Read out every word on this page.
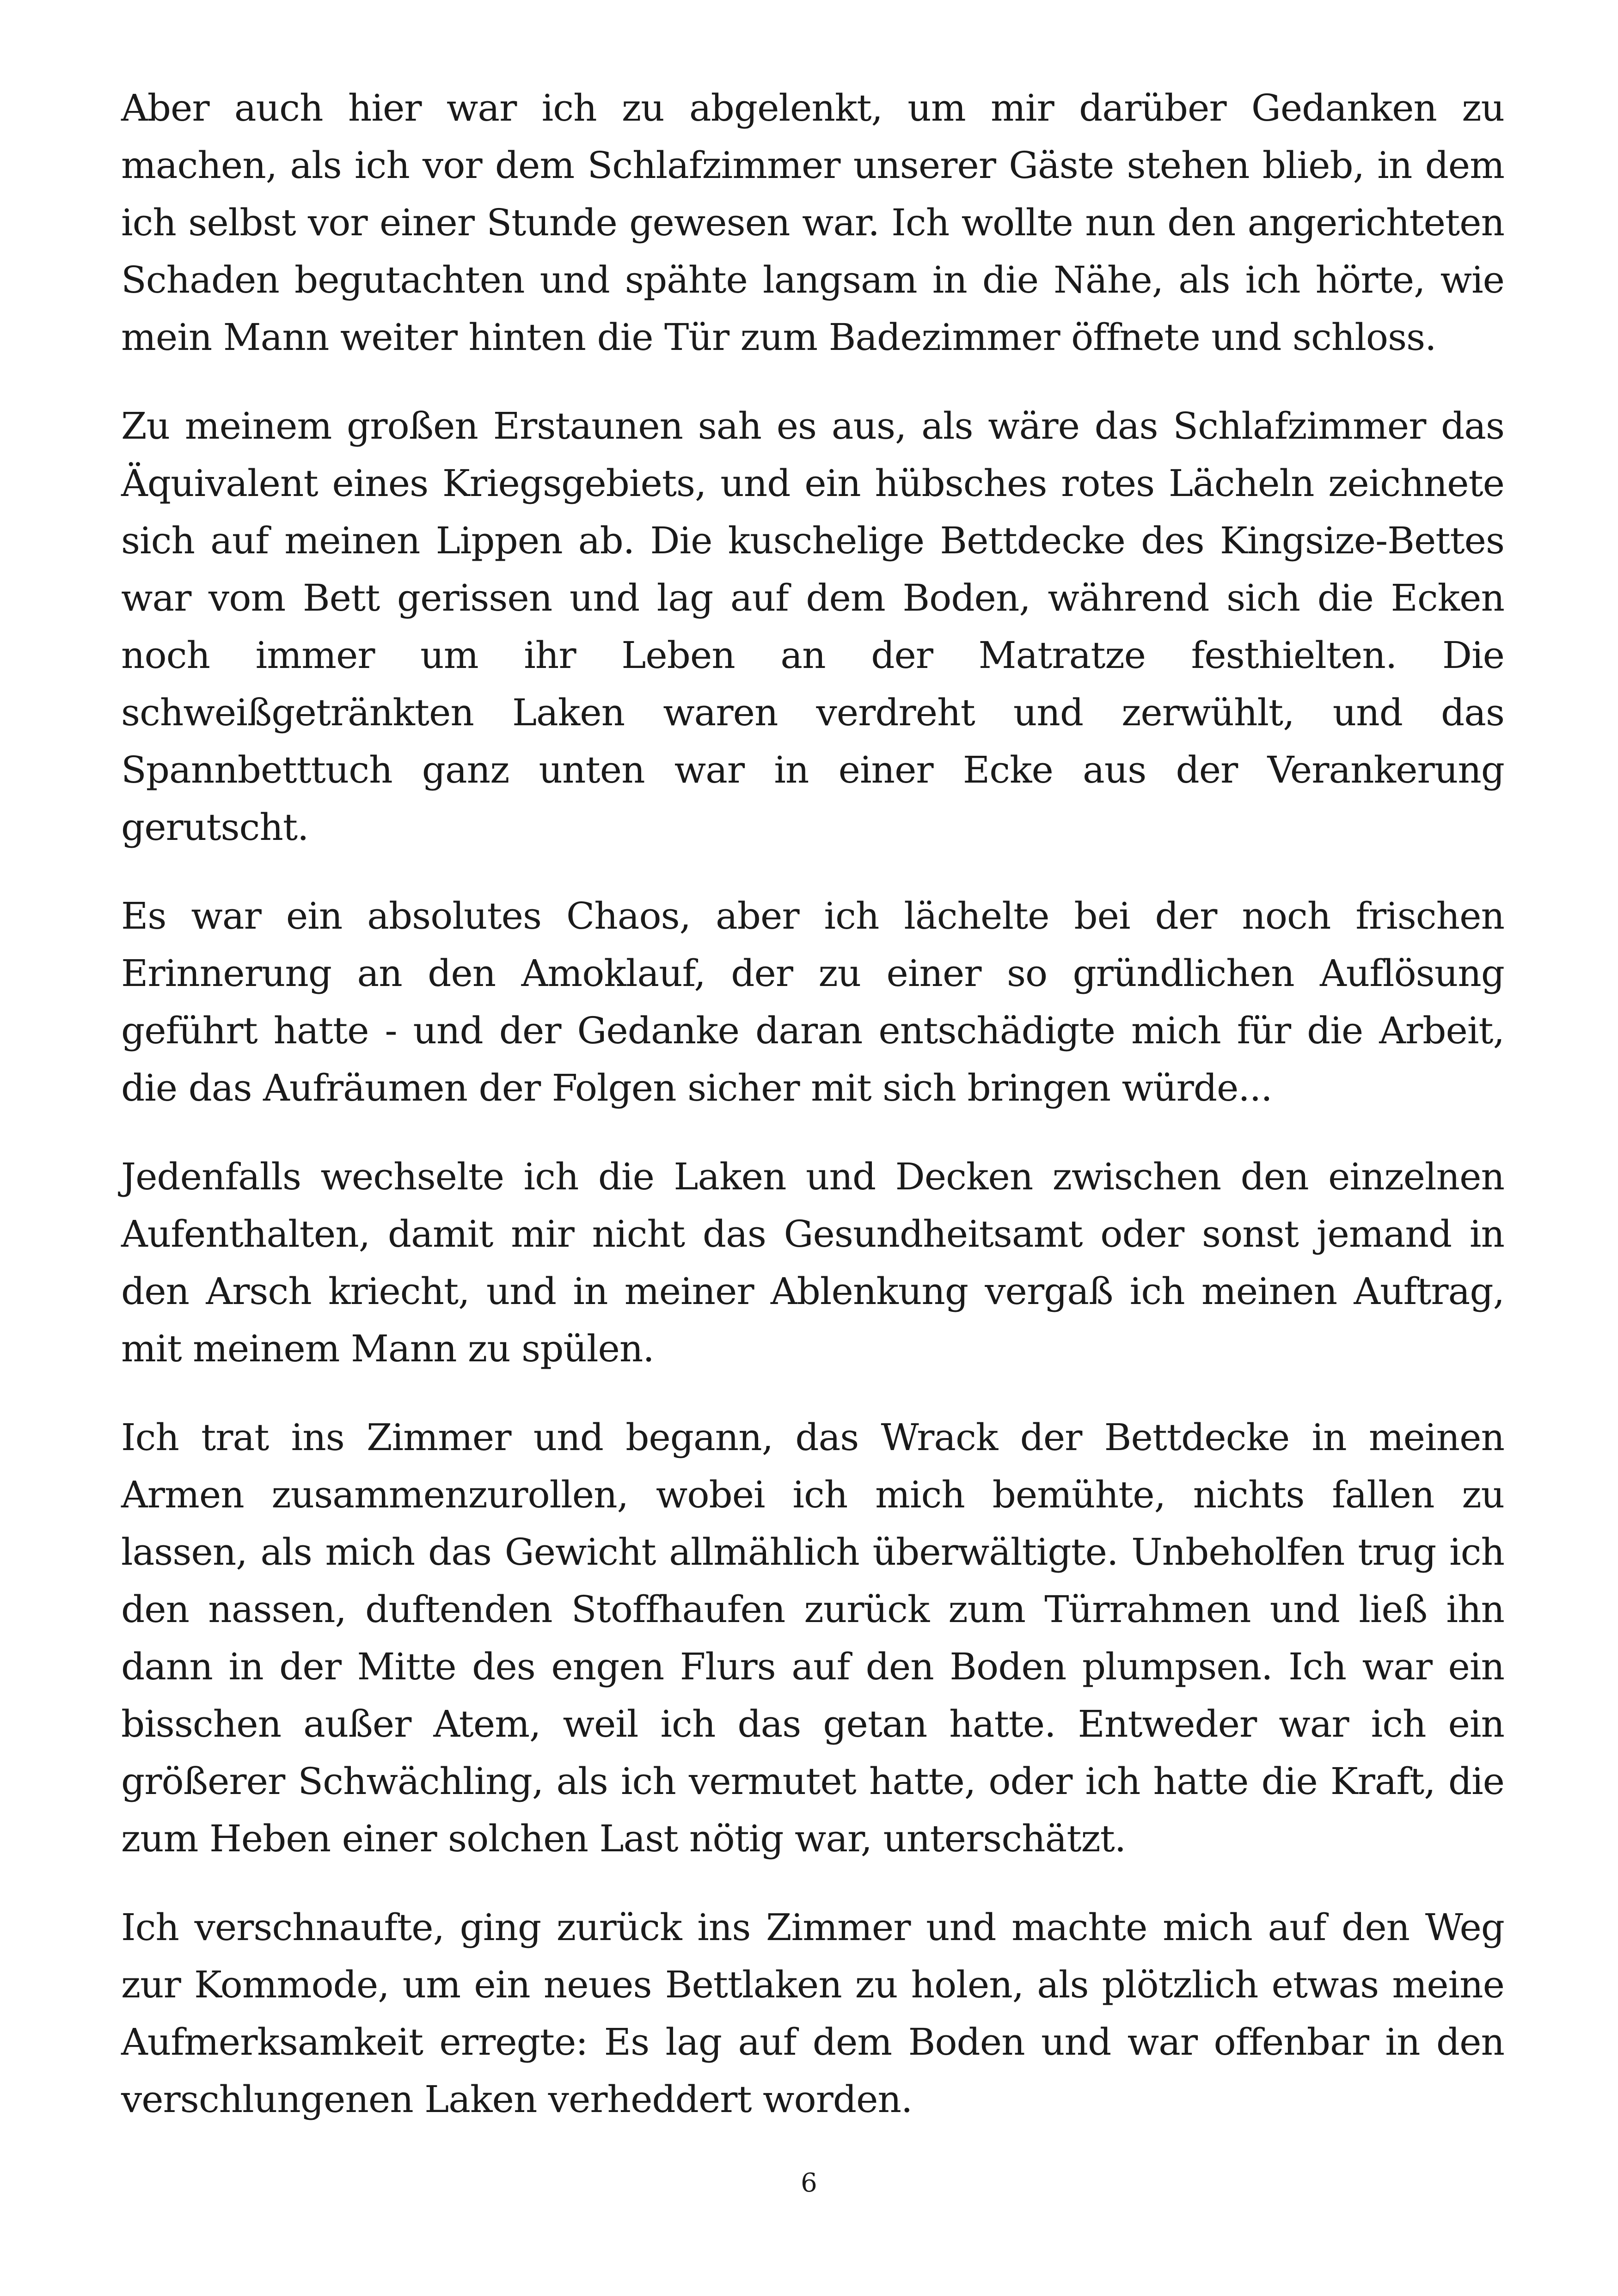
Aber auch hier war ich zu abgelenkt, um mir darüber Gedanken zu machen, als ich vor dem Schlafzimmer unserer Gäste stehen blieb, in dem ich selbst vor einer Stunde gewesen war. Ich wollte nun den angerichteten Schaden begutachten und spähte langsam in die Nähe, als ich hörte, wie mein Mann weiter hinten die Tür zum Badezimmer öffnete und schloss.

Zu meinem großen Erstaunen sah es aus, als wäre das Schlafzimmer das Äquivalent eines Kriegsgebiets, und ein hübsches rotes Lächeln zeichnete sich auf meinen Lippen ab. Die kuschelige Bettdecke des Kingsize-Bettes war vom Bett gerissen und lag auf dem Boden, während sich die Ecken noch immer um ihr Leben an der Matratze festhielten. Die schweißgetränkten Laken waren verdreht und zerwühlt, und das Spannbetttuch ganz unten war in einer Ecke aus der Verankerung gerutscht.

Es war ein absolutes Chaos, aber ich lächelte bei der noch frischen Erinnerung an den Amoklauf, der zu einer so gründlichen Auflösung geführt hatte - und der Gedanke daran entschädigte mich für die Arbeit, die das Aufräumen der Folgen sicher mit sich bringen würde...

Jedenfalls wechselte ich die Laken und Decken zwischen den einzelnen Aufenthalten, damit mir nicht das Gesundheitsamt oder sonst jemand in den Arsch kriecht, und in meiner Ablenkung vergaß ich meinen Auftrag, mit meinem Mann zu spülen.

Ich trat ins Zimmer und begann, das Wrack der Bettdecke in meinen Armen zusammenzurollen, wobei ich mich bemühte, nichts fallen zu lassen, als mich das Gewicht allmählich überwältigte. Unbeholfen trug ich den nassen, duftenden Stoffhaufen zurück zum Türrahmen und ließ ihn dann in der Mitte des engen Flurs auf den Boden plumpsen. Ich war ein bisschen außer Atem, weil ich das getan hatte. Entweder war ich ein größerer Schwächling, als ich vermutet hatte, oder ich hatte die Kraft, die zum Heben einer solchen Last nötig war, unterschätzt.

Ich verschnaufte, ging zurück ins Zimmer und machte mich auf den Weg zur Kommode, um ein neues Bettlaken zu holen, als plötzlich etwas meine Aufmerksamkeit erregte: Es lag auf dem Boden und war offenbar in den verschlungenen Laken verheddert worden.

6
